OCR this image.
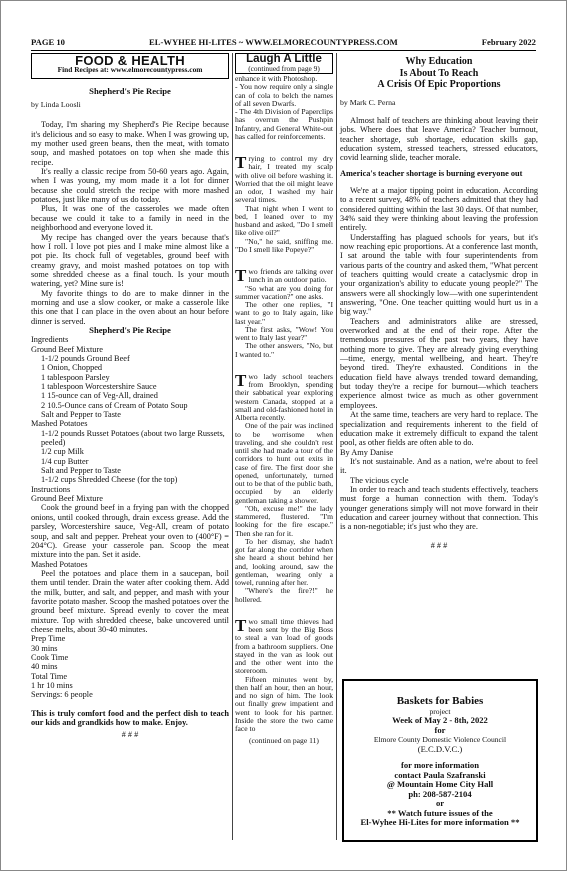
PAGE 10	EL-WYHEE HI-LITES ~ WWW.ELMORECOUNTYPRESS.COM	February 2022
FOOD & HEALTH
Find Recipes at: www.elmorecountypress.com
Shepherd's Pie Recipe
by Linda Loosli

Today, I'm sharing my Shepherd's Pie Recipe because it's delicious and so easy to make. When I was growing up, my mother used green beans, then the meat, with tomato soup, and mashed potatoes on top when she made this recipe.

It's really a classic recipe from 50-60 years ago. Again, when I was young, my mom made it a lot for dinner because she could stretch the recipe with more mashed potatoes, just like many of us do today.

Plus, It was one of the casseroles we made often because we could it take to a family in need in the neighborhood and everyone loved it.

My recipe has changed over the years because that's how I roll. I love pot pies and I make mine almost like a pot pie. Its chock full of vegetables, ground beef with creamy gravy, and moist mashed potatoes on top with some shredded cheese as a final touch. Is your mouth watering, yet? Mine sure is!

My favorite things to do are to make dinner in the morning and use a slow cooker, or make a casserole like this one that I can place in the oven about an hour before dinner is served.

Shepherd's Pie Recipe
Ingredients
Ground Beef Mixture
1-1/2 pounds Ground Beef
1 Onion, Chopped
1 tablespoon Parsley
1 tablespoon Worcestershire Sauce
1 15-ounce can of Veg-All, drained
2 10.5-Ounce cans of Cream of Potato Soup
Salt and Pepper to Taste
Mashed Potatoes
1-1/2 pounds Russet Potatoes (about two large Russets, peeled)
1/2 cup Milk
1/4 cup Butter
Salt and Pepper to Taste
1-1/2 cups Shredded Cheese (for the top)
Instructions
Ground Beef Mixture

Cook the ground beef in a frying pan with the chopped onions, until cooked through, drain excess grease. Add the parsley, Worcestershire sauce, Veg-All, cream of potato soup, and salt and pepper. Preheat your oven to (400°F) = 204°C). Grease your casserole pan. Scoop the meat mixture into the pan. Set it aside.

Mashed Potatoes

Peel the potatoes and place them in a saucepan, boil them until tender. Drain the water after cooking them. Add the milk, butter, and salt, and pepper, and mash with your favorite potato masher. Scoop the mashed potatoes over the ground beef mixture. Spread evenly to cover the meat mixture. Top with shredded cheese, bake uncovered until cheese melts, about 30-40 minutes.

Prep Time
30 mins
Cook Time
40 mins
Total Time
1 hr 10 mins
Servings: 6 people

This is truly comfort food and the perfect dish to teach our kids and grandkids how to make. Enjoy.

# # #
Laugh A Little
(continued from page 9)

enhance it with Photoshop.

- You now require only a single can of cola to belch the names of all seven Dwarfs.

- The 4th Division of Paperclips has overrun the Pushpin Infantry, and General White-out has called for reinforcements.

Trying to control my dry hair, I treated my scalp with olive oil before washing it. Worried that the oil might leave an odor, I washed my hair several times.

That night when I went to bed, I leaned over to my husband and asked, "Do I smell like olive oil?"

"No," he said, sniffing me. "Do I smell like Popeye?"

Two friends are talking over lunch in an outdoor patio.

"So what are you doing for summer vacation?" one asks.

The other one replies, "I want to go to Italy again, like last year."

The first asks, "Wow! You went to Italy last year?"

The other answers, "No, but I wanted to."

Two lady school teachers from Brooklyn, spending their sabbatical year exploring western Canada, stopped at a small and old-fashioned hotel in Alberta recently.

One of the pair was inclined to be worrisome when traveling, and she couldn't rest until she had made a tour of the corridors to hunt out exits in case of fire. The first door she opened, unfortunately, turned out to be that of the public bath, occupied by an elderly gentleman taking a shower.

"Oh, excuse me!" the lady stammered, flustered. "I'm looking for the fire escape." Then she ran for it.

To her dismay, she hadn't got far along the corridor when she heard a shout behind her and, looking around, saw the gentleman, wearing only a towel, running after her.

"Where's the fire?!" he hollered.

Two small time thieves had been sent by the Big Boss to steal a van load of goods from a bathroom suppliers. One stayed in the van as look out and the other went into the storeroom.

Fifteen minutes went by, then half an hour, then an hour, and no sign of him. The look out finally grew impatient and went to look for his partner. Inside the store the two came face to

(continued on page 11)
Why Education
Is About To Reach
A Crisis Of Epic Proportions
by Mark C. Perna

Almost half of teachers are thinking about leaving their jobs. Where does that leave America? Teacher burnout, teacher shortage, sub shortage, education skills gap, education system, stressed teachers, stressed educators, covid learning slide, teacher morale.

America's teacher shortage is burning everyone out

We're at a major tipping point in education. According to a recent survey, 48% of teachers admitted that they had considered quitting within the last 30 days. Of that number, 34% said they were thinking about leaving the profession entirely.

Understaffing has plagued schools for years, but it's now reaching epic proportions. At a conference last month, I sat around the table with four superintendents from various parts of the country and asked them, "What percent of teachers quitting would create a cataclysmic drop in your organization's ability to educate young people?" The answers were all shockingly low—with one superintendent answering, "One. One teacher quitting would hurt us in a big way."

Teachers and administrators alike are stressed, overworked and at the end of their rope. After the tremendous pressures of the past two years, they have nothing more to give. They are already giving everything—time, energy, mental wellbeing, and heart. They're beyond tired. They're exhausted. Conditions in the education field have always trended toward demanding, but today they're a recipe for burnout—which teachers experience almost twice as much as other government employees.

At the same time, teachers are very hard to replace. The specialization and requirements inherent to the field of education make it extremely difficult to expand the talent pool, as other fields are often able to do.

By Amy Danise

It's not sustainable. And as a nation, we're about to feel it.

The vicious cycle

In order to reach and teach students effectively, teachers must forge a human connection with them. Today's younger generations simply will not move forward in their education and career journey without that connection. This is a non-negotiable; it's just who they are.

# # #
Baskets for Babies
project
Week of May 2 - 8th, 2022
for
Elmore County Domestic Violence Council
(E.C.D.V.C.)
for more information
contact Paula Szafranski
@ Mountain Home City Hall
ph: 208-587-2104
or
** Watch future issues of the
El-Wyhee Hi-Lites for more information **
